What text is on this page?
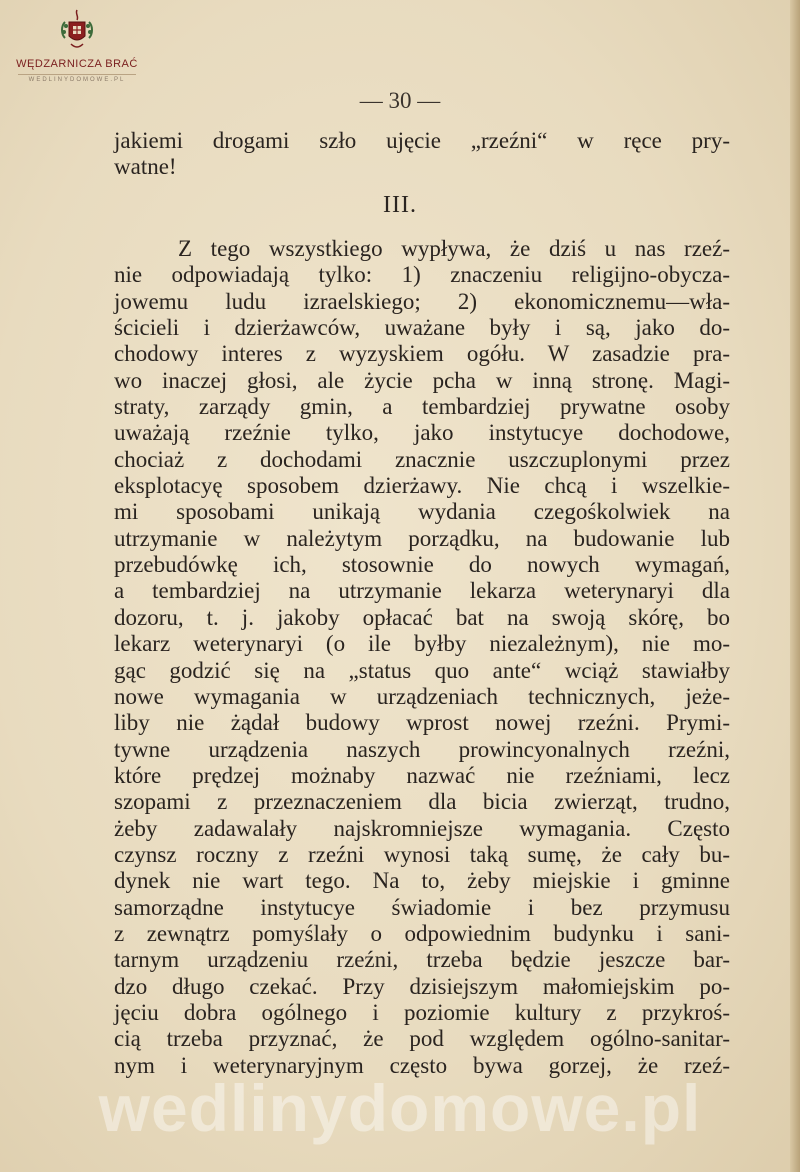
WĘDZARNICZA BRAĆ
WEDLINYDOMOWE.PL
— 30 —
jakiemi drogami szło ujęcie „rzeźni“ w ręce pry-
watne!
III.
Z tego wszystkiego wypływa, że dziś u nas rzeź-
nie odpowiadają tylko: 1) znaczeniu religijno-obycza-
jowemu ludu izraelskiego; 2) ekonomicznemu—wła-
ścicieli i dzierżawców, uważane były i są, jako do-
chodowy interes z wyzyskiem ogółu. W zasadzie pra-
wo inaczej głosi, ale życie pcha w inną stronę. Magi-
straty, zarządy gmin, a tembardziej prywatne osoby
uważają rzeźnie tylko, jako instytucye dochodowe,
chociaż z dochodami znacznie uszczuplonymi przez
eksplotacyę sposobem dzierżawy. Nie chcą i wszelkie-
mi sposobami unikają wydania czegośkolwiek na
utrzymanie w należytym porządku, na budowanie lub
przebudówkę ich, stosownie do nowych wymagań,
a tembardziej na utrzymanie lekarza weterynaryi dla
dozoru, t. j. jakoby opłacać bat na swoją skórę, bo
lekarz weterynaryi (o ile byłby niezależnym), nie mo-
gąc godzić się na „status quo ante“ wciąż stawiałby
nowe wymagania w urządzeniach technicznych, jeże-
liby nie żądał budowy wprost nowej rzeźni. Prymi-
tywne urządzenia naszych prowincyonalnych rzeźni,
które prędzej możnaby nazwać nie rzeźniami, lecz
szopami z przeznaczeniem dla bicia zwierząt, trudno,
żeby zadawalały najskromniejsze wymagania. Często
czynsz roczny z rzeźni wynosi taką sumę, że cały bu-
dynek nie wart tego. Na to, żeby miejskie i gminne
samorządne instytucye świadomie i bez przymusu
z zewnątrz pomyślały o odpowiednim budynku i sani-
tarnym urządzeniu rzeźni, trzeba będzie jeszcze bar-
dzo długo czekać. Przy dzisiejszym małomiejskim po-
jęciu dobra ogólnego i poziomie kultury z przykroś-
cią trzeba przyznać, że pod względem ogólno-sanitar-
nym i weterynaryjnym często bywa gorzej, że rzeź-
wedlinydomowe.pl
